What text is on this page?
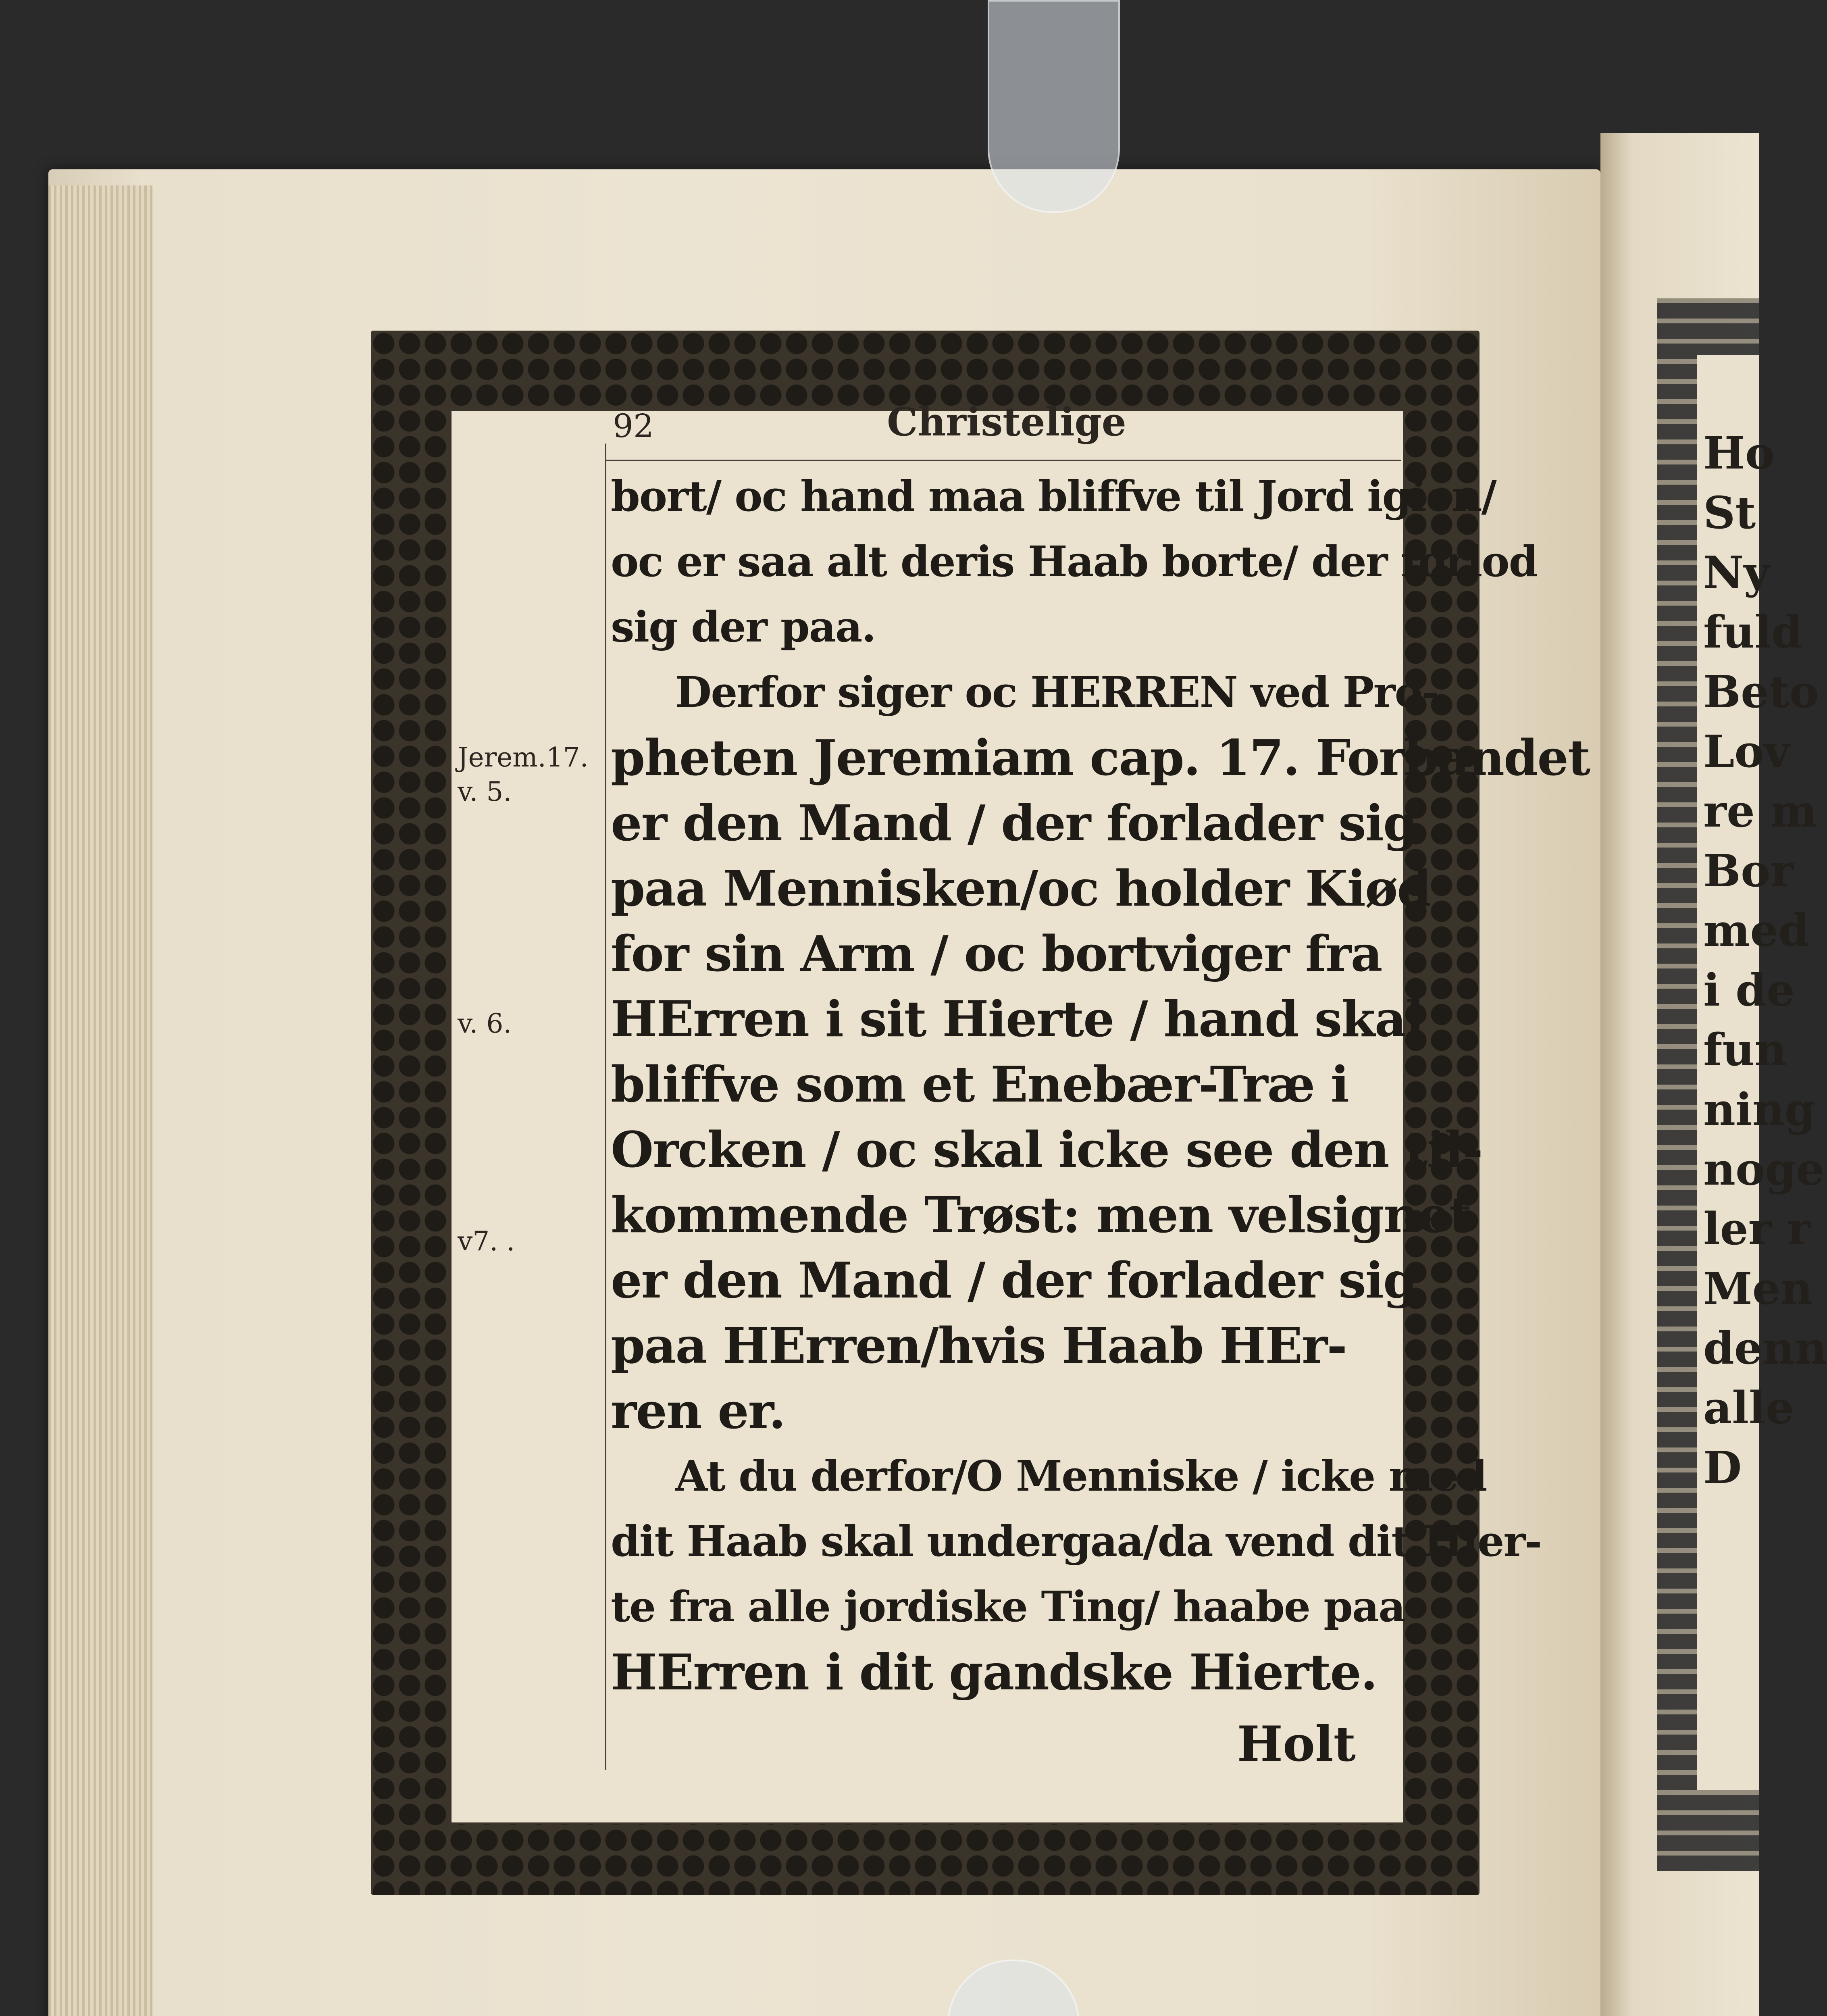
Ho
St
Ny
fuld
Beto
Lov
re m
Bor
med
i de
fun
ning
noge
ler r
Men
denn
alle
D
92	Christelige
Jerem.17.
v. 5.
v. 6.
v7. .
bort/ oc hand maa bliffve til Jord igien/
oc er saa alt deris Haab borte/ der forlod
sig der paa.
Derfor siger oc HERREN ved Pro-
pheten Jeremiam cap. 17. Forbandet
er den Mand / der forlader sig
paa Mennisken/oc holder Kiød
for sin Arm / oc bortviger fra
HErren i sit Hierte / hand skal
bliffve som et Enebær-Træ i
Orcken / oc skal icke see den til-
kommende Trøst: men velsignet
er den Mand / der forlader sig
paa HErren/hvis Haab HEr-
ren er.
At du derfor/O Menniske / icke med
dit Haab skal undergaa/da vend dit Hier-
te fra alle jordiske Ting/ haabe paa
HErren i dit gandske Hierte.
Holt
